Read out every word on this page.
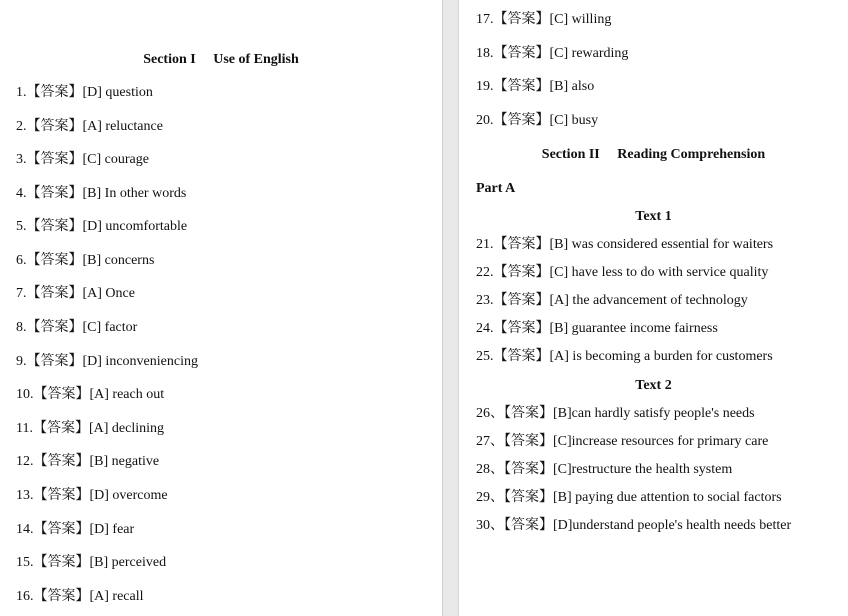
Section I  Use of English
1.【答案】[D] question
2.【答案】[A] reluctance
3.【答案】[C] courage
4.【答案】[B] In other words
5.【答案】[D] uncomfortable
6.【答案】[B] concerns
7.【答案】[A] Once
8.【答案】[C] factor
9.【答案】[D] inconveniencing
10.【答案】[A] reach out
11.【答案】[A] declining
12.【答案】[B] negative
13.【答案】[D] overcome
14.【答案】[D] fear
15.【答案】[B] perceived
16.【答案】[A] recall
17.【答案】[C] willing
18.【答案】[C] rewarding
19.【答案】[B] also
20.【答案】[C] busy
Section II  Reading Comprehension
Part A
Text 1
21.【答案】[B] was considered essential for waiters
22.【答案】[C] have less to do with service quality
23.【答案】[A] the advancement of technology
24.【答案】[B] guarantee income fairness
25.【答案】[A] is becoming a burden for customers
Text 2
26、【答案】[B]can hardly satisfy people's needs
27、【答案】[C]increase resources for primary care
28、【答案】[C]restructure the health system
29、【答案】[B] paying due attention to social factors
30、【答案】[D]understand people's health needs better
